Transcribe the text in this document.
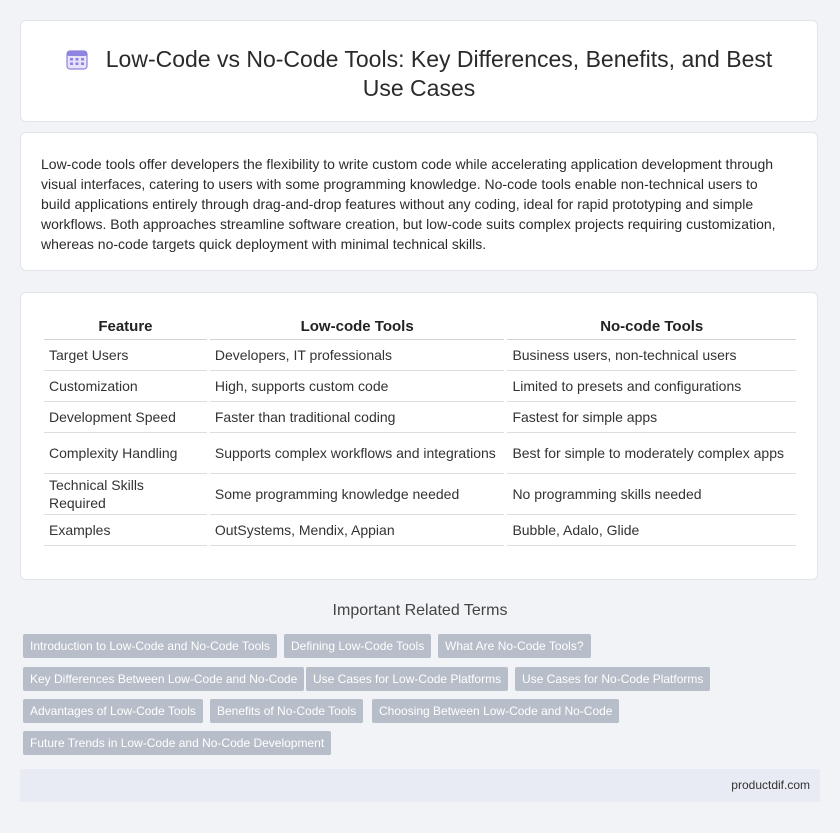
Low-Code vs No-Code Tools: Key Differences, Benefits, and Best Use Cases

Low-code tools offer developers the flexibility to write custom code while accelerating application development through visual interfaces, catering to users with some programming knowledge. No-code tools enable non-technical users to build applications entirely through drag-and-drop features without any coding, ideal for rapid prototyping and simple workflows. Both approaches streamline software creation, but low-code suits complex projects requiring customization, whereas no-code targets quick deployment with minimal technical skills.

Feature	Low-code Tools	No-code Tools
Target Users	Developers, IT professionals	Business users, non-technical users
Customization	High, supports custom code	Limited to presets and configurations
Development Speed	Faster than traditional coding	Fastest for simple apps
Complexity Handling	Supports complex workflows and integrations	Best for simple to moderately complex apps
Technical Skills Required	Some programming knowledge needed	No programming skills needed
Examples	OutSystems, Mendix, Appian	Bubble, Adalo, Glide
Important Related Terms
Introduction to Low-Code and No-Code Tools	Defining Low-Code Tools	What Are No-Code Tools?
Key Differences Between Low-Code and No-Code	Use Cases for Low-Code Platforms	Use Cases for No-Code Platforms
Advantages of Low-Code Tools	Benefits of No-Code Tools	Choosing Between Low-Code and No-Code
Future Trends in Low-Code and No-Code Development
productdif.com
